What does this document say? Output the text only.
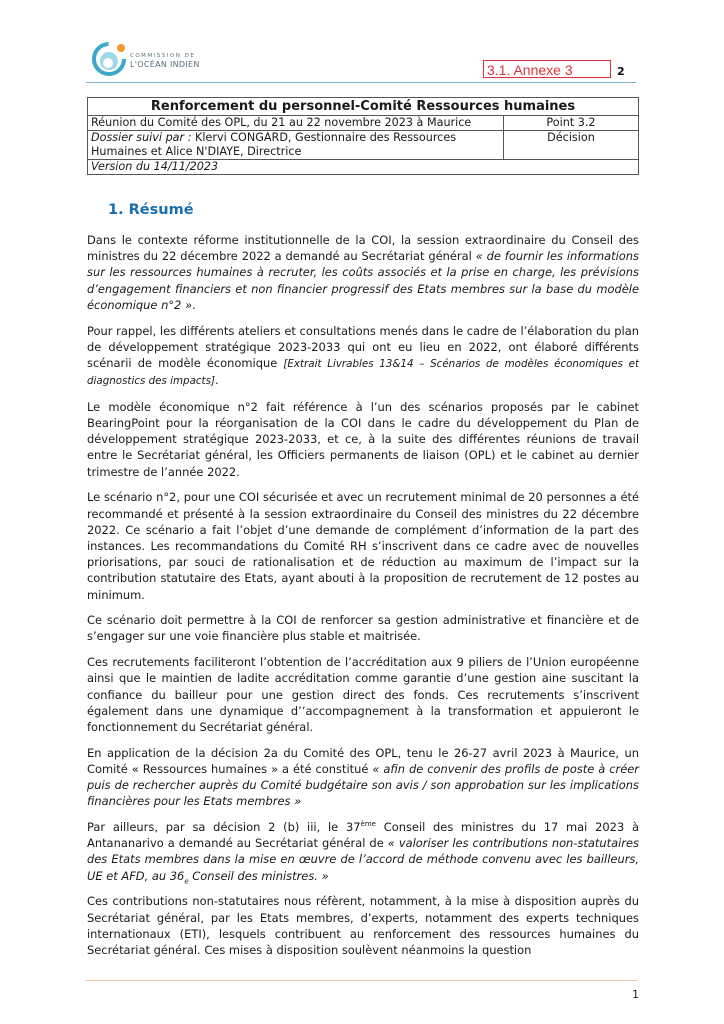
COMMISSION DE
L'OCÉAN INDIEN	3.1. Annexe 3	2
Renforcement du personnel-Comité Ressources humaines	
Réunion du Comité des OPL, du 21 au 22 novembre 2023 à Maurice	Point 3.2
Dossier suivi par : Klervi CONGARD, Gestionnaire des Ressources Humaines et Alice N'DIAYE, Directrice	Décision
Version du 14/11/2023	
1. Résumé

Dans le contexte réforme institutionnelle de la COI, la session extraordinaire du Conseil des ministres du 22 décembre 2022 a demandé au Secrétariat général « de fournir les informations sur les ressources humaines à recruter, les coûts associés et la prise en charge, les prévisions d’engagement financiers et non financier progressif des Etats membres sur la base du modèle économique n°2 ».

Pour rappel, les différents ateliers et consultations menés dans le cadre de l’élaboration du plan de développement stratégique 2023-2033 qui ont eu lieu en 2022, ont élaboré différents scénarii de modèle économique [Extrait Livrables 13&14 – Scénarios de modèles économiques et diagnostics des impacts].

Le modèle économique n°2 fait référence à l’un des scénarios proposés par le cabinet BearingPoint pour la réorganisation de la COI dans le cadre du développement du Plan de développement stratégique 2023-2033, et ce, à la suite des différentes réunions de travail entre le Secrétariat général, les Officiers permanents de liaison (OPL) et le cabinet au dernier trimestre de l’année 2022.

Le scénario n°2, pour une COI sécurisée et avec un recrutement minimal de 20 personnes a été recommandé et présenté à la session extraordinaire du Conseil des ministres du 22 décembre 2022. Ce scénario a fait l’objet d’une demande de complément d’information de la part des instances. Les recommandations du Comité RH s’inscrivent dans ce cadre avec de nouvelles priorisations, par souci de rationalisation et de réduction au maximum de l’impact sur la contribution statutaire des Etats, ayant abouti à la proposition de recrutement de 12 postes au minimum.

Ce scénario doit permettre à la COI de renforcer sa gestion administrative et financière et de s’engager sur une voie financière plus stable et maitrisée.

Ces recrutements faciliteront l’obtention de l’accréditation aux 9 piliers de l’Union européenne ainsi que le maintien de ladite accréditation comme garantie d’une gestion aine suscitant la confiance du bailleur pour une gestion direct des fonds. Ces recrutements s’inscrivent également dans une dynamique d’’accompagnement à la transformation et appuieront le fonctionnement du Secrétariat général.

En application de la décision 2a du Comité des OPL, tenu le 26-27 avril 2023 à Maurice, un Comité « Ressources humaines » a été constitué « afin de convenir des profils de poste à créer puis de rechercher auprès du Comité budgétaire son avis / son approbation sur les implications financières pour les Etats membres »

Par ailleurs, par sa décision 2 (b) iii, le 37ème Conseil des ministres du 17 mai 2023 à Antananarivo a demandé au Secrétariat général de « valoriser les contributions non-statutaires des Etats membres dans la mise en œuvre de l’accord de méthode convenu avec les bailleurs, UE et AFD, au $36_e$ Conseil des ministres. »

Ces contributions non-statutaires nous réfèrent, notamment, à la mise à disposition auprès du Secrétariat général, par les Etats membres, d’experts, notamment des experts techniques internationaux (ETI), lesquels contribuent au renforcement des ressources humaines du Secrétariat général. Ces mises à disposition soulèvent néanmoins la question

1
